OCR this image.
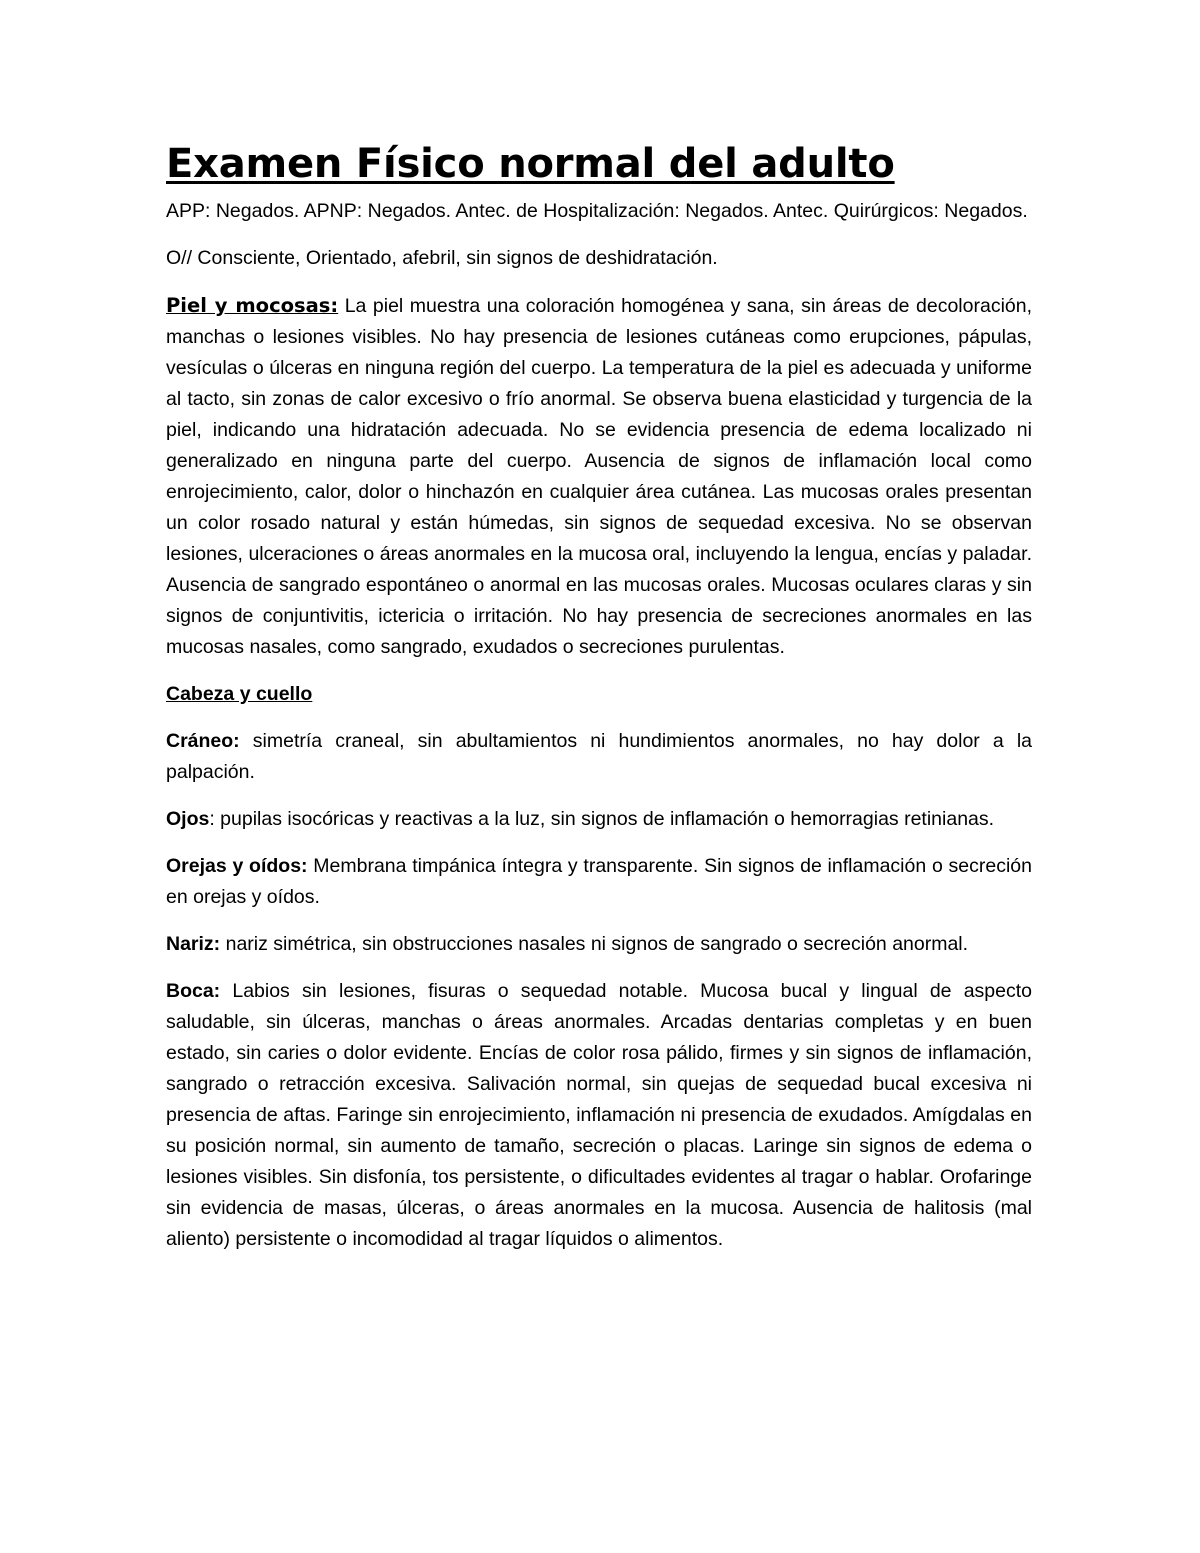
Examen Físico normal del adulto

APP: Negados. APNP: Negados. Antec. de Hospitalización: Negados. Antec. Quirúrgicos: Negados.

O// Consciente, Orientado, afebril, sin signos de deshidratación.

Piel y mocosas: La piel muestra una coloración homogénea y sana, sin áreas de decoloración, manchas o lesiones visibles. No hay presencia de lesiones cutáneas como erupciones, pápulas, vesículas o úlceras en ninguna región del cuerpo. La temperatura de la piel es adecuada y uniforme al tacto, sin zonas de calor excesivo o frío anormal. Se observa buena elasticidad y turgencia de la piel, indicando una hidratación adecuada. No se evidencia presencia de edema localizado ni generalizado en ninguna parte del cuerpo. Ausencia de signos de inflamación local como enrojecimiento, calor, dolor o hinchazón en cualquier área cutánea. Las mucosas orales presentan un color rosado natural y están húmedas, sin signos de sequedad excesiva. No se observan lesiones, ulceraciones o áreas anormales en la mucosa oral, incluyendo la lengua, encías y paladar. Ausencia de sangrado espontáneo o anormal en las mucosas orales. Mucosas oculares claras y sin signos de conjuntivitis, ictericia o irritación. No hay presencia de secreciones anormales en las mucosas nasales, como sangrado, exudados o secreciones purulentas.

Cabeza y cuello

Cráneo: simetría craneal, sin abultamientos ni hundimientos anormales, no hay dolor a la palpación.

Ojos: pupilas isocóricas y reactivas a la luz, sin signos de inflamación o hemorragias retinianas.

Orejas y oídos: Membrana timpánica íntegra y transparente. Sin signos de inflamación o secreción en orejas y oídos.

Nariz: nariz simétrica, sin obstrucciones nasales ni signos de sangrado o secreción anormal.

Boca: Labios sin lesiones, fisuras o sequedad notable. Mucosa bucal y lingual de aspecto saludable, sin úlceras, manchas o áreas anormales. Arcadas dentarias completas y en buen estado, sin caries o dolor evidente. Encías de color rosa pálido, firmes y sin signos de inflamación, sangrado o retracción excesiva. Salivación normal, sin quejas de sequedad bucal excesiva ni presencia de aftas. Faringe sin enrojecimiento, inflamación ni presencia de exudados. Amígdalas en su posición normal, sin aumento de tamaño, secreción o placas. Laringe sin signos de edema o lesiones visibles. Sin disfonía, tos persistente, o dificultades evidentes al tragar o hablar. Orofaringe sin evidencia de masas, úlceras, o áreas anormales en la mucosa. Ausencia de halitosis (mal aliento) persistente o incomodidad al tragar líquidos o alimentos.
